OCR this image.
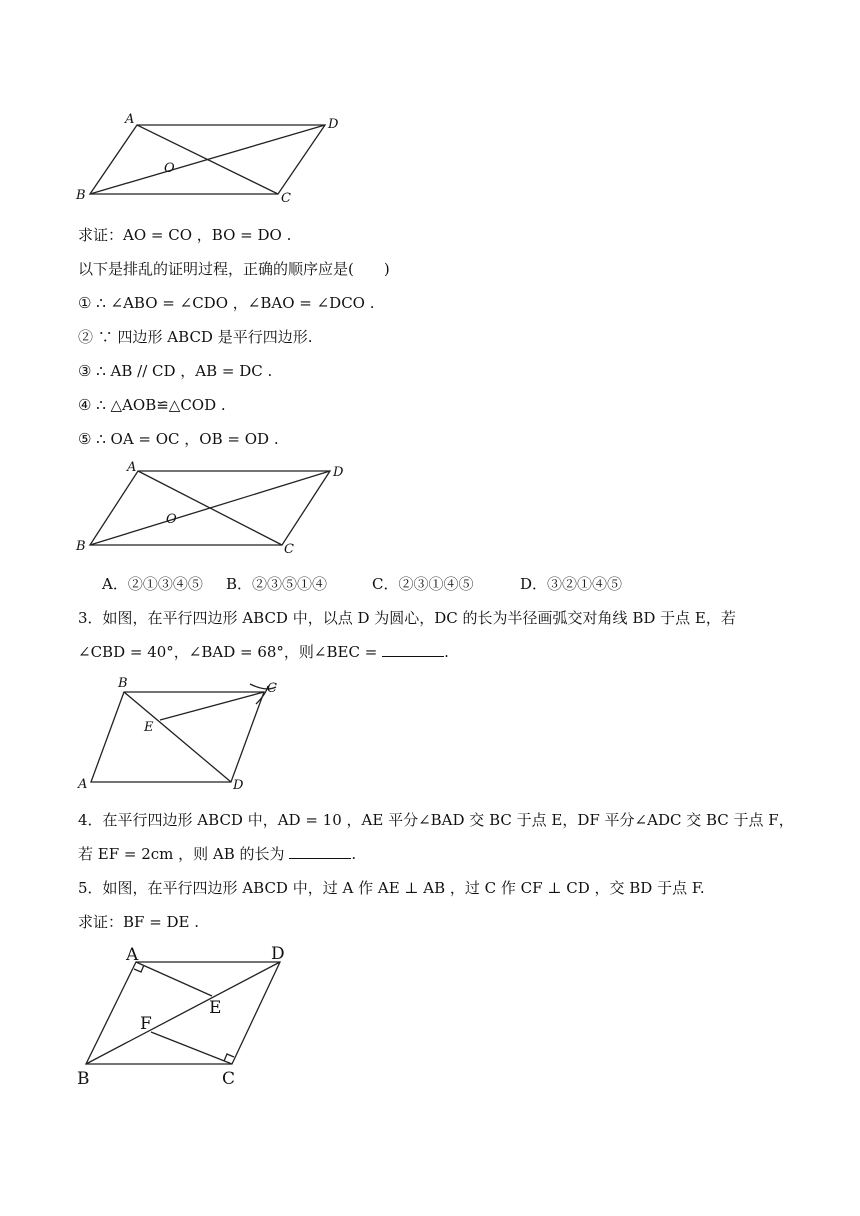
A	D
O
B	C
求证：AO = CO ，BO = DO .
以下是排乱的证明过程，正确的顺序应是(　　)
① ∴ ∠ABO = ∠CDO ，∠BAO = ∠DCO .
② ∵ 四边形 ABCD 是平行四边形.
③ ∴ AB // CD ，AB = DC .
④ ∴ △AOB≌△COD .
⑤ ∴ OA = OC ，OB = OD .
A	D
O
B	C
A．②①③④⑤ B．②③⑤①④	C．②③①④⑤	D．③②①④⑤
3．如图，在平行四边形 ABCD 中，以点 D 为圆心，DC 的长为半径画弧交对角线 BD 于点 E，若
∠CBD = 40°，∠BAD = 68°，则∠BEC =	.
B	C
E
A	D
4．在平行四边形 ABCD 中，AD = 10 ，AE 平分∠BAD 交 BC 于点 E，DF 平分∠ADC 交 BC 于点 F，
若 EF = 2cm ，则 AB 的长为	.
5．如图，在平行四边形 ABCD 中，过 A 作 AE ⊥ AB ，过 C 作 CF ⊥ CD ，交 BD 于点 F.
求证：BF = DE .
A	D
E
F
B	C
